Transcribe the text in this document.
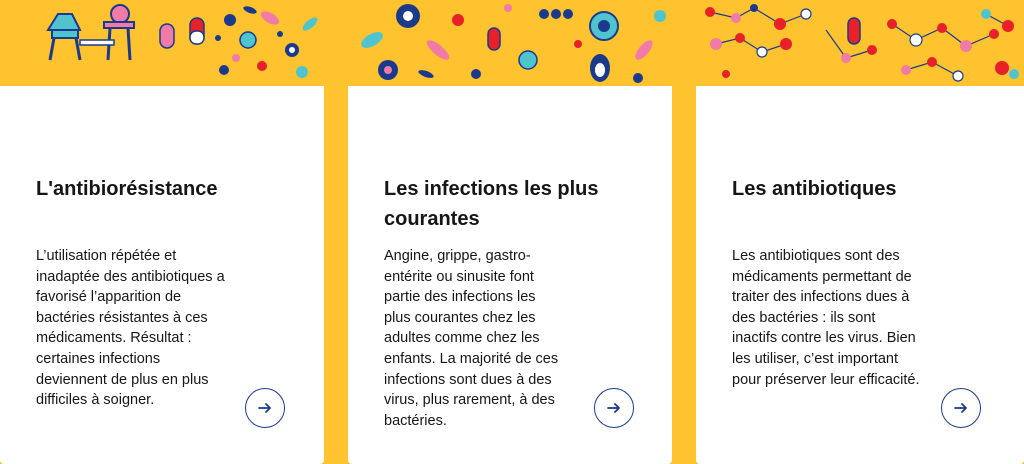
L'antibiorésistance

L’utilisation répétée et inadaptée des antibiotiques a favorisé l’apparition de bactéries résistantes à ces médicaments. Résultat : certaines infections deviennent de plus en plus difficiles à soigner.

Les infections les plus courantes

Angine, grippe, gastro-entérite ou sinusite font partie des infections les plus courantes chez les adultes comme chez les enfants. La majorité de ces infections sont dues à des virus, plus rarement, à des bactéries.

Les antibiotiques

Les antibiotiques sont des médicaments permettant de traiter des infections dues à des bactéries : ils sont inactifs contre les virus. Bien les utiliser, c’est important pour préserver leur efficacité.
